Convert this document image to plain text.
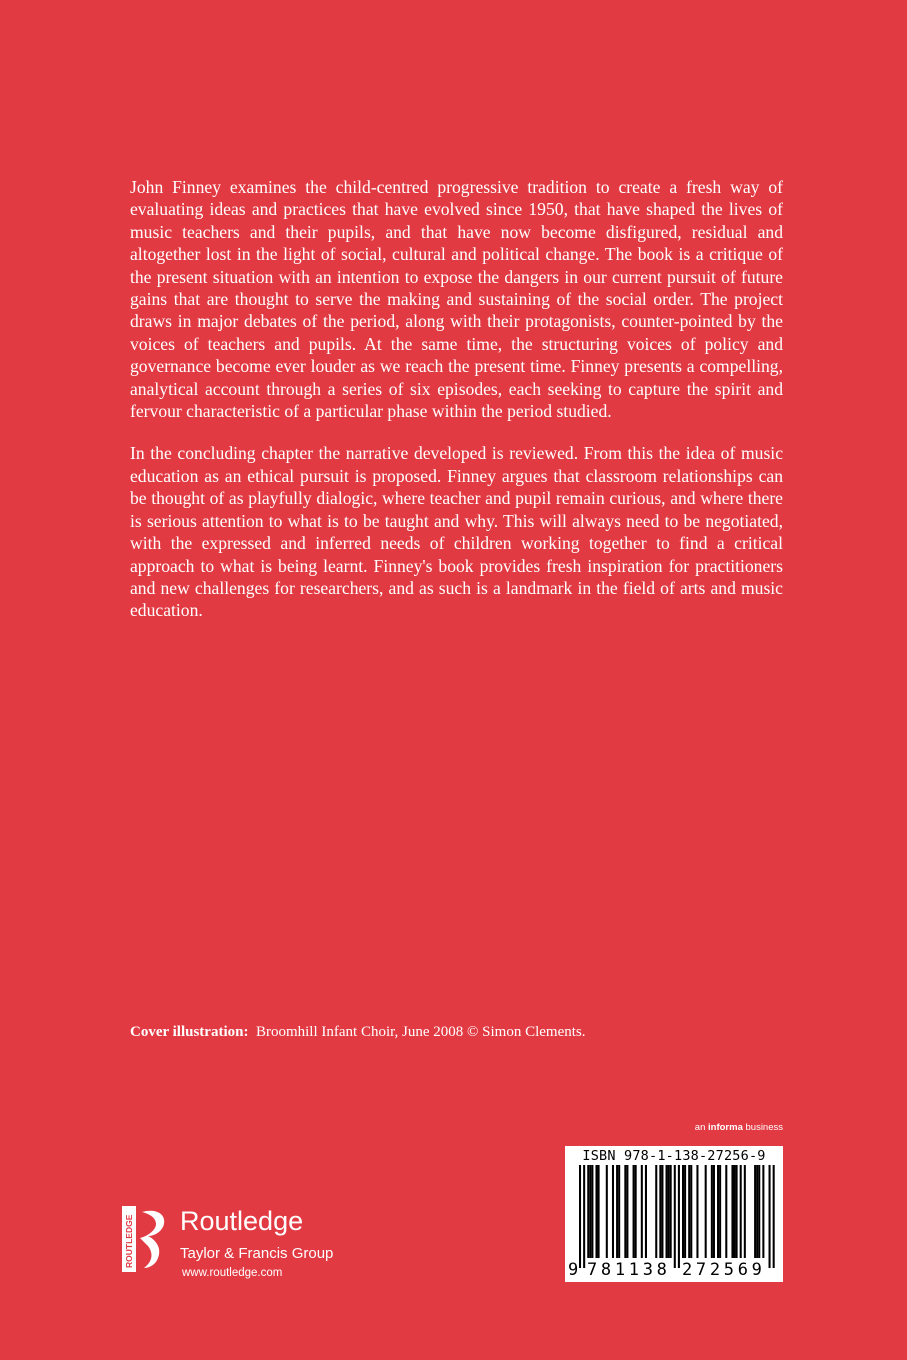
John Finney examines the child-centred progressive tradition to create a fresh way of evaluating ideas and practices that have evolved since 1950, that have shaped the lives of music teachers and their pupils, and that have now become disfigured, residual and altogether lost in the light of social, cultural and political change. The book is a critique of the present situation with an intention to expose the dangers in our current pursuit of future gains that are thought to serve the making and sustaining of the social order. The project draws in major debates of the period, along with their protagonists, counter-pointed by the voices of teachers and pupils. At the same time, the structuring voices of policy and governance become ever louder as we reach the present time. Finney presents a compelling, analytical account through a series of six episodes, each seeking to capture the spirit and fervour characteristic of a particular phase within the period studied.

In the concluding chapter the narrative developed is reviewed. From this the idea of music education as an ethical pursuit is proposed. Finney argues that classroom relationships can be thought of as playfully dialogic, where teacher and pupil remain curious, and where there is serious attention to what is to be taught and why. This will always need to be negotiated, with the expressed and inferred needs of children working together to find a critical approach to what is being learnt. Finney's book provides fresh inspiration for practitioners and new challenges for researchers, and as such is a landmark in the field of arts and music education.

Cover illustration: Broomhill Infant Choir, June 2008 © Simon Clements.
an informa business
ISBN 978-1-138-27256-9
9 781138 272569
ROUTLEDGE Routledge
Taylor & Francis Group
www.routledge.com
